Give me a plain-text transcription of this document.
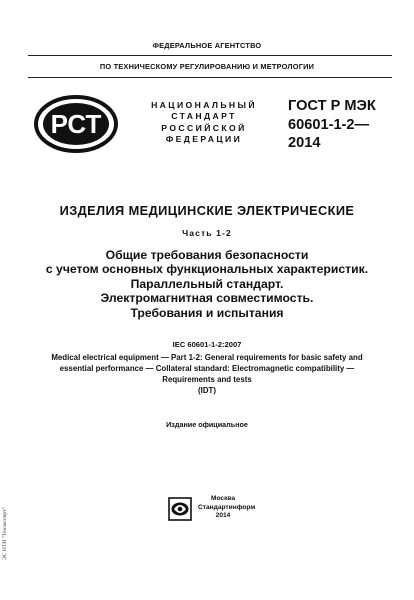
ФЕДЕРАЛЬНОЕ АГЕНТСТВО
ПО ТЕХНИЧЕСКОМУ РЕГУЛИРОВАНИЮ И МЕТРОЛОГИИ
РСТ
НАЦИОНАЛЬНЫЙ
СТАНДАРТ
РОССИЙСКОЙ
ФЕДЕРАЦИИ
ГОСТ Р МЭК
60601-1-2—
2014
ИЗДЕЛИЯ МЕДИЦИНСКИЕ ЭЛЕКТРИЧЕСКИЕ
Часть 1-2
Общие требования безопасности
с учетом основных функциональных характеристик.
Параллельный стандарт.
Электромагнитная совместимость.
Требования и испытания
IEC 60601-1-2:2007
Medical electrical equipment — Part 1-2: General requirements for basic safety and
essential performance — Collateral standard: Electromagnetic compatibility —
Requirements and tests
(IDT)
Издание официальное
Москва
Стандартинформ
2014
ЭС НТИ "Техэксперт"
